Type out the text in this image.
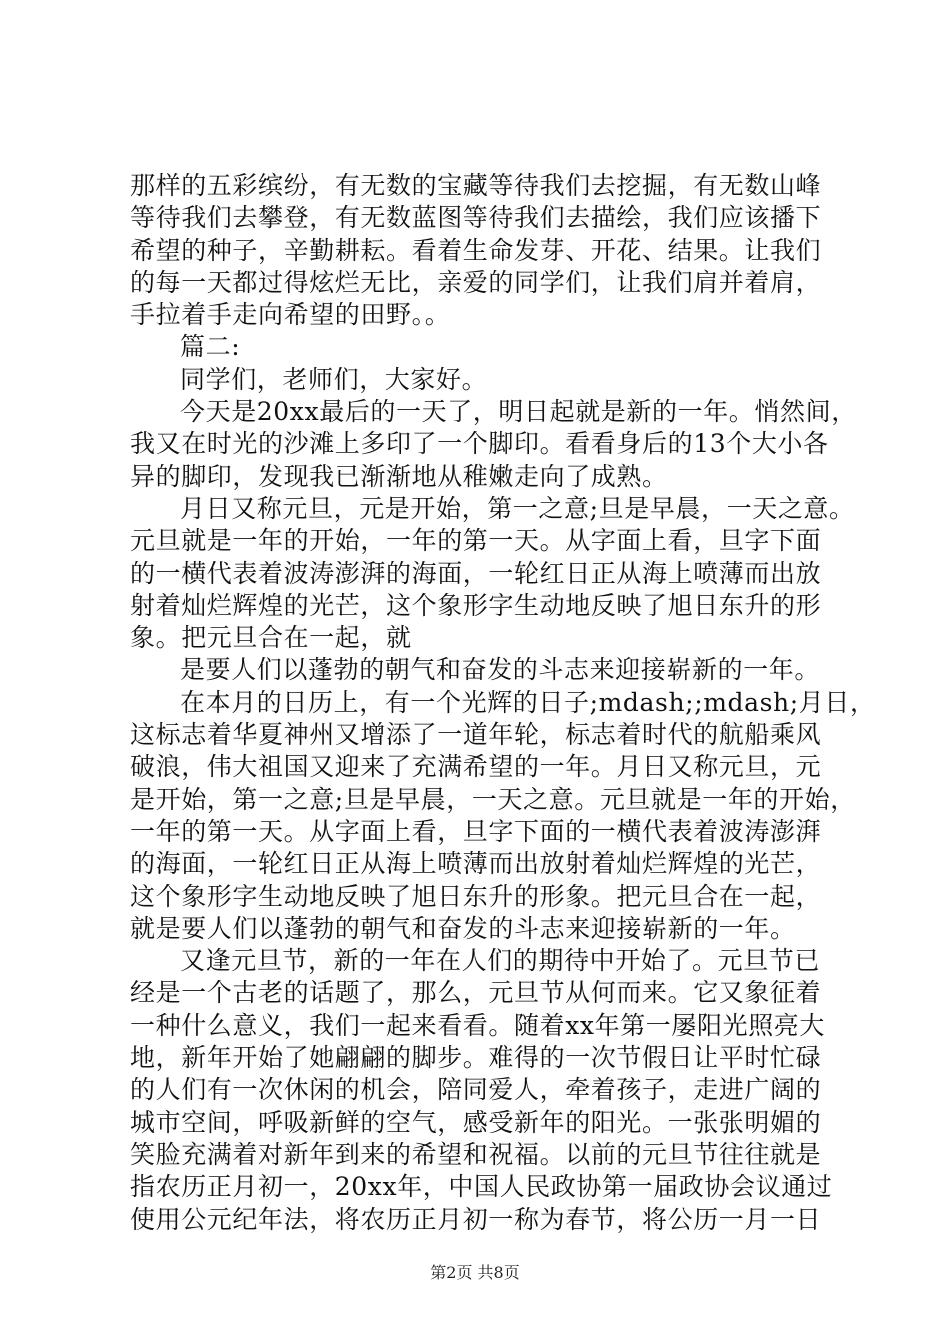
那样的五彩缤纷，有无数的宝藏等待我们去挖掘，有无数山峰
等待我们去攀登，有无数蓝图等待我们去描绘，我们应该播下
希望的种子，辛勤耕耘。看着生命发芽、开花、结果。让我们
的每一天都过得炫烂无比，亲爱的同学们，让我们肩并着肩，
手拉着手走向希望的田野。。
篇二:
同学们，老师们，大家好。
今天是20xx最后的一天了，明日起就是新的一年。悄然间，
我又在时光的沙滩上多印了一个脚印。看看身后的13个大小各
异的脚印，发现我已渐渐地从稚嫩走向了成熟。
月日又称元旦，元是开始，第一之意;旦是早晨，一天之意。
元旦就是一年的开始，一年的第一天。从字面上看，旦字下面
的一横代表着波涛澎湃的海面，一轮红日正从海上喷薄而出放
射着灿烂辉煌的光芒，这个象形字生动地反映了旭日东升的形
象。把元旦合在一起，就
是要人们以蓬勃的朝气和奋发的斗志来迎接崭新的一年。
在本月的日历上，有一个光辉的日子;mdash;;mdash;月日，
这标志着华夏神州又增添了一道年轮，标志着时代的航船乘风
破浪，伟大祖国又迎来了充满希望的一年。月日又称元旦，元
是开始，第一之意;旦是早晨，一天之意。元旦就是一年的开始，
一年的第一天。从字面上看，旦字下面的一横代表着波涛澎湃
的海面，一轮红日正从海上喷薄而出放射着灿烂辉煌的光芒，
这个象形字生动地反映了旭日东升的形象。把元旦合在一起，
就是要人们以蓬勃的朝气和奋发的斗志来迎接崭新的一年。
又逢元旦节，新的一年在人们的期待中开始了。元旦节已
经是一个古老的话题了，那么，元旦节从何而来。它又象征着
一种什么意义，我们一起来看看。随着xx年第一屡阳光照亮大
地，新年开始了她翩翩的脚步。难得的一次节假日让平时忙碌
的人们有一次休闲的机会，陪同爱人，牵着孩子，走进广阔的
城市空间，呼吸新鲜的空气，感受新年的阳光。一张张明媚的
笑脸充满着对新年到来的希望和祝福。以前的元旦节往往就是
指农历正月初一，20xx年，中国人民政协第一届政协会议通过
使用公元纪年法，将农历正月初一称为春节，将公历一月一日
第2页 共8页
